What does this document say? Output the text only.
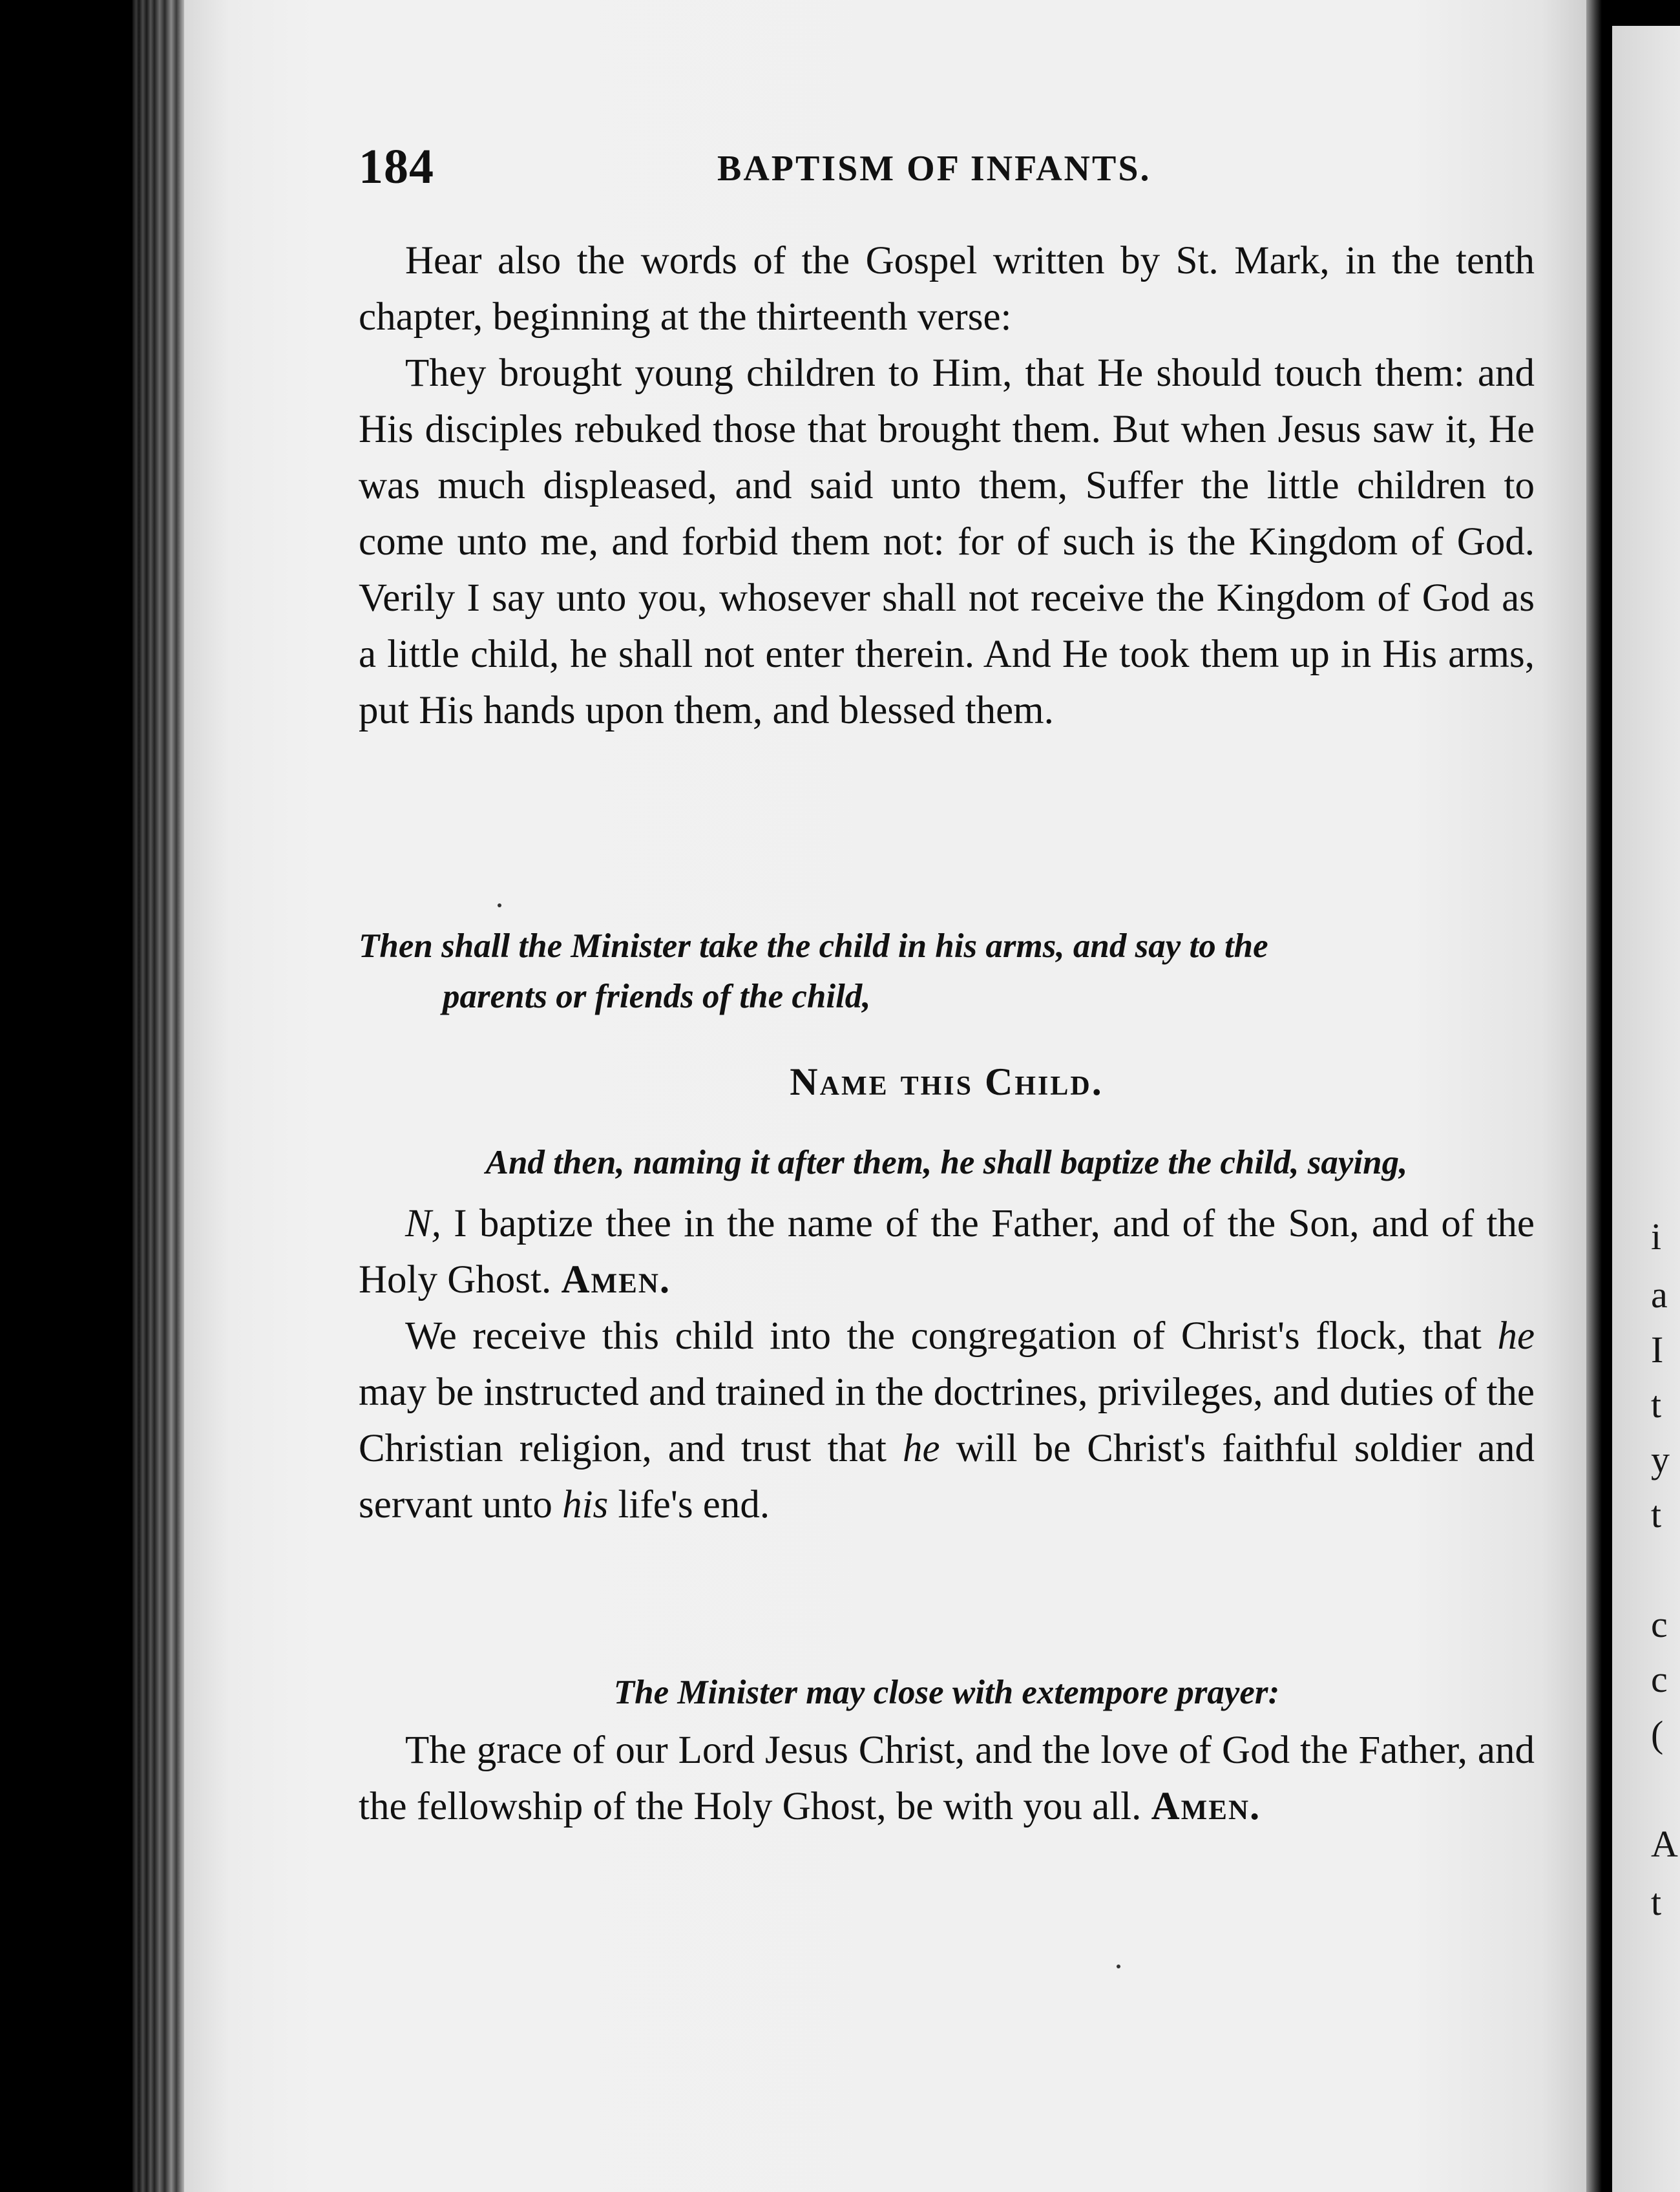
i
a
I
t
y
t
c
c
(
A
t
184	BAPTISM OF INFANTS.

Hear also the words of the Gospel written by St. Mark, in the tenth chapter, beginning at the thirteenth verse:

They brought young children to Him, that He should touch them: and His disciples rebuked those that brought them. But when Jesus saw it, He was much displeased, and said unto them, Suffer the little children to come unto me, and forbid them not: for of such is the Kingdom of God. Verily I say unto you, whosever shall not receive the Kingdom of God as a little child, he shall not enter therein. And He took them up in His arms, put His hands upon them, and blessed them.

Then shall the Minister take the child in his arms, and say to the
parents or friends of the child,
Name this Child.
And then, naming it after them, he shall baptize the child, saying,

N, I baptize thee in the name of the Father, and of the Son, and of the Holy Ghost. Amen.

We receive this child into the congregation of Christ's flock, that he may be instructed and trained in the doctrines, privileges, and duties of the Christian religion, and trust that he will be Christ's faithful soldier and servant unto his life's end.

The Minister may close with extempore prayer:

The grace of our Lord Jesus Christ, and the love of God the Father, and the fellowship of the Holy Ghost, be with you all. Amen.
